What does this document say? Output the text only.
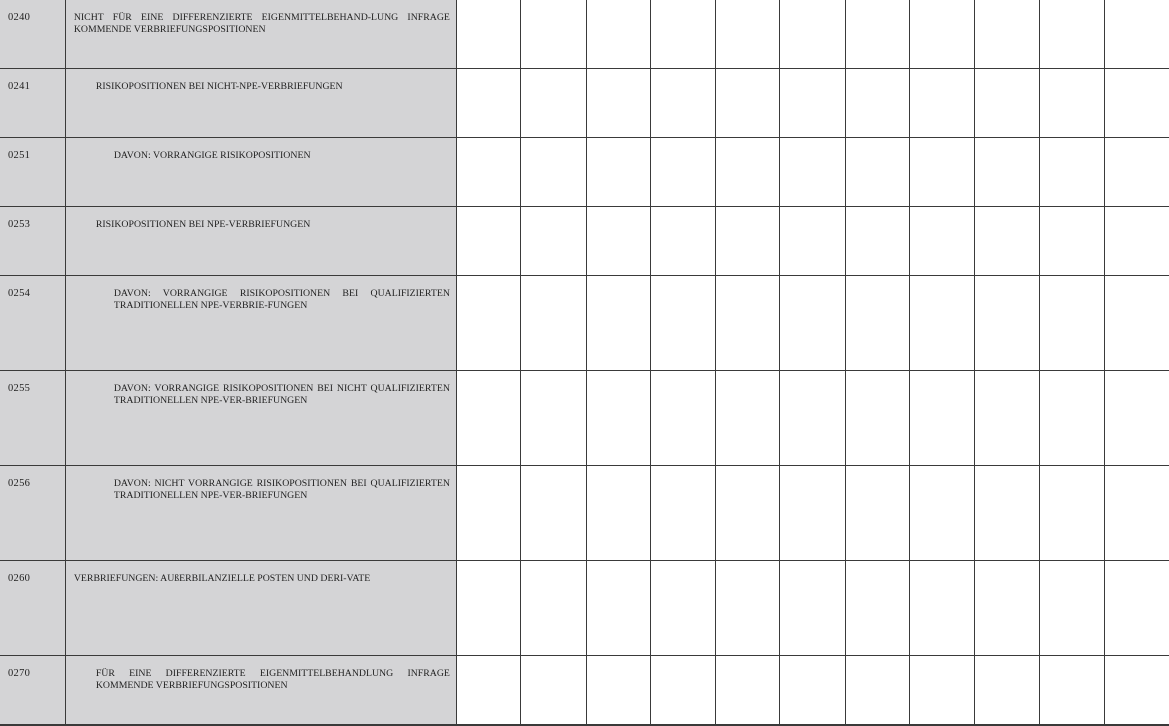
0240	NICHT FÜR EINE DIFFERENZIERTE EIGENMITTELBEHAND-LUNG INFRAGE KOMMENDE VERBRIEFUNGSPOSITIONEN											
0241	RISIKOPOSITIONEN BEI NICHT-NPE-VERBRIEFUNGEN											
0251	DAVON: VORRANGIGE RISIKOPOSITIONEN											
0253	RISIKOPOSITIONEN BEI NPE-VERBRIEFUNGEN											
0254	DAVON: VORRANGIGE RISIKOPOSITIONEN BEI QUALIFIZIERTEN TRADITIONELLEN NPE-VERBRIE-FUNGEN											
0255	DAVON: VORRANGIGE RISIKOPOSITIONEN BEI NICHT QUALIFIZIERTEN TRADITIONELLEN NPE-VER-BRIEFUNGEN											
0256	DAVON: NICHT VORRANGIGE RISIKOPOSITIONEN BEI QUALIFIZIERTEN TRADITIONELLEN NPE-VER-BRIEFUNGEN											
0260	VERBRIEFUNGEN: AUßERBILANZIELLE POSTEN UND DERI-VATE											
0270	FÜR EINE DIFFERENZIERTE EIGENMITTELBEHANDLUNG INFRAGE KOMMENDE VERBRIEFUNGSPOSITIONEN											
